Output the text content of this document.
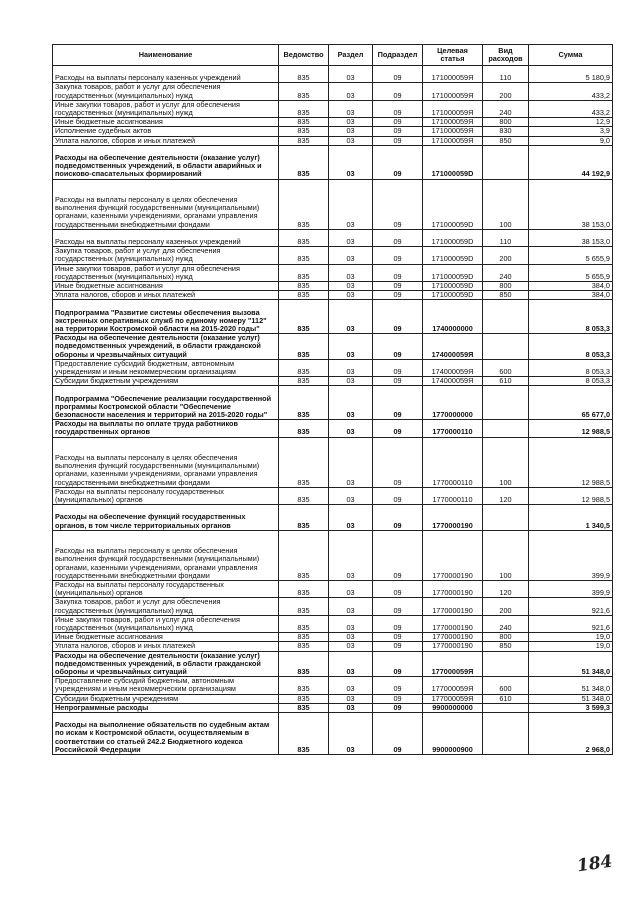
Наименование	Ведомство	Раздел	Подраздел	Целевая статья	Вид расходов	Сумма
Расходы на выплаты персоналу казенных учреждений	835	03	09	171000059Я	110	5 180,9
Закупка товаров, работ и услуг для обеспечения государственных (муниципальных) нужд	835	03	09	171000059Я	200	433,2
Иные закупки товаров, работ и услуг для обеспечения государственных (муниципальных) нужд	835	03	09	171000059Я	240	433,2
Иные бюджетные ассигнования	835	03	09	171000059Я	800	12,9
Исполнение судебных актов	835	03	09	171000059Я	830	3,9
Уплата налогов, сборов и иных платежей	835	03	09	171000059Я	850	9,0
Расходы на обеспечение деятельности (оказание услуг) подведомственных учреждений, в области аварийных и поисково-спасательных формирований	835	03	09	171000059D		44 192,9
Расходы на выплаты персоналу в целях обеспечения выполнения функций государственными (муниципальными) органами, казенными учреждениями, органами управления государственными внебюджетными фондами	835	03	09	171000059D	100	38 153,0
Расходы на выплаты персоналу казенных учреждений	835	03	09	171000059D	110	38 153,0
Закупка товаров, работ и услуг для обеспечения государственных (муниципальных) нужд	835	03	09	171000059D	200	5 655,9
Иные закупки товаров, работ и услуг для обеспечения государственных (муниципальных) нужд	835	03	09	171000059D	240	5 655,9
Иные бюджетные ассигнования	835	03	09	171000059D	800	384,0
Уплата налогов, сборов и иных платежей	835	03	09	171000059D	850	384,0
Подпрограмма "Развитие системы обеспечения вызова экстренных оперативных служб по единому номеру "112" на территории Костромской области на 2015-2020 годы"	835	03	09	1740000000		8 053,3
Расходы на обеспечение деятельности (оказание услуг) подведомственных учреждений, в области гражданской обороны и чрезвычайных ситуаций	835	03	09	174000059Я		8 053,3
Предоставление субсидий бюджетным, автономным учреждениям и иным некоммерческим организациям	835	03	09	174000059Я	600	8 053,3
Субсидии бюджетным учреждениям	835	03	09	174000059Я	610	8 053,3
Подпрограмма "Обеспечение реализации государственной программы Костромской области "Обеспечение безопасности населения и территорий на 2015-2020 годы"	835	03	09	1770000000		65 677,0
Расходы на выплаты по оплате труда работников государственных органов	835	03	09	1770000110		12 988,5
Расходы на выплаты персоналу в целях обеспечения выполнения функций государственными (муниципальными) органами, казенными учреждениями, органами управления государственными внебюджетными фондами	835	03	09	1770000110	100	12 988,5
Расходы на выплаты персоналу государственных (муниципальных) органов	835	03	09	1770000110	120	12 988,5
Расходы на обеспечение функций государственных органов, в том числе территориальных органов	835	03	09	1770000190		1 340,5
Расходы на выплаты персоналу в целях обеспечения выполнения функций государственными (муниципальными) органами, казенными учреждениями, органами управления государственными внебюджетными фондами	835	03	09	1770000190	100	399,9
Расходы на выплаты персоналу государственных (муниципальных) органов	835	03	09	1770000190	120	399,9
Закупка товаров, работ и услуг для обеспечения государственных (муниципальных) нужд	835	03	09	1770000190	200	921,6
Иные закупки товаров, работ и услуг для обеспечения государственных (муниципальных) нужд	835	03	09	1770000190	240	921,6
Иные бюджетные ассигнования	835	03	09	1770000190	800	19,0
Уплата налогов, сборов и иных платежей	835	03	09	1770000190	850	19,0
Расходы на обеспечение деятельности (оказание услуг) подведомственных учреждений, в области гражданской обороны и чрезвычайных ситуаций	835	03	09	177000059Я		51 348,0
Предоставление субсидий бюджетным, автономным учреждениям и иным некоммерческим организациям	835	03	09	177000059Я	600	51 348,0
Субсидии бюджетным учреждениям	835	03	09	177000059Я	610	51 348,0
Непрограммные расходы	835	03	09	9900000000		3 599,3
Расходы на выполнение обязательств по судебным актам по искам к Костромской области, осуществляемым в соответствии со статьей 242.2 Бюджетного кодекса Российской Федерации	835	03	09	9900000900		2 968,0
184
